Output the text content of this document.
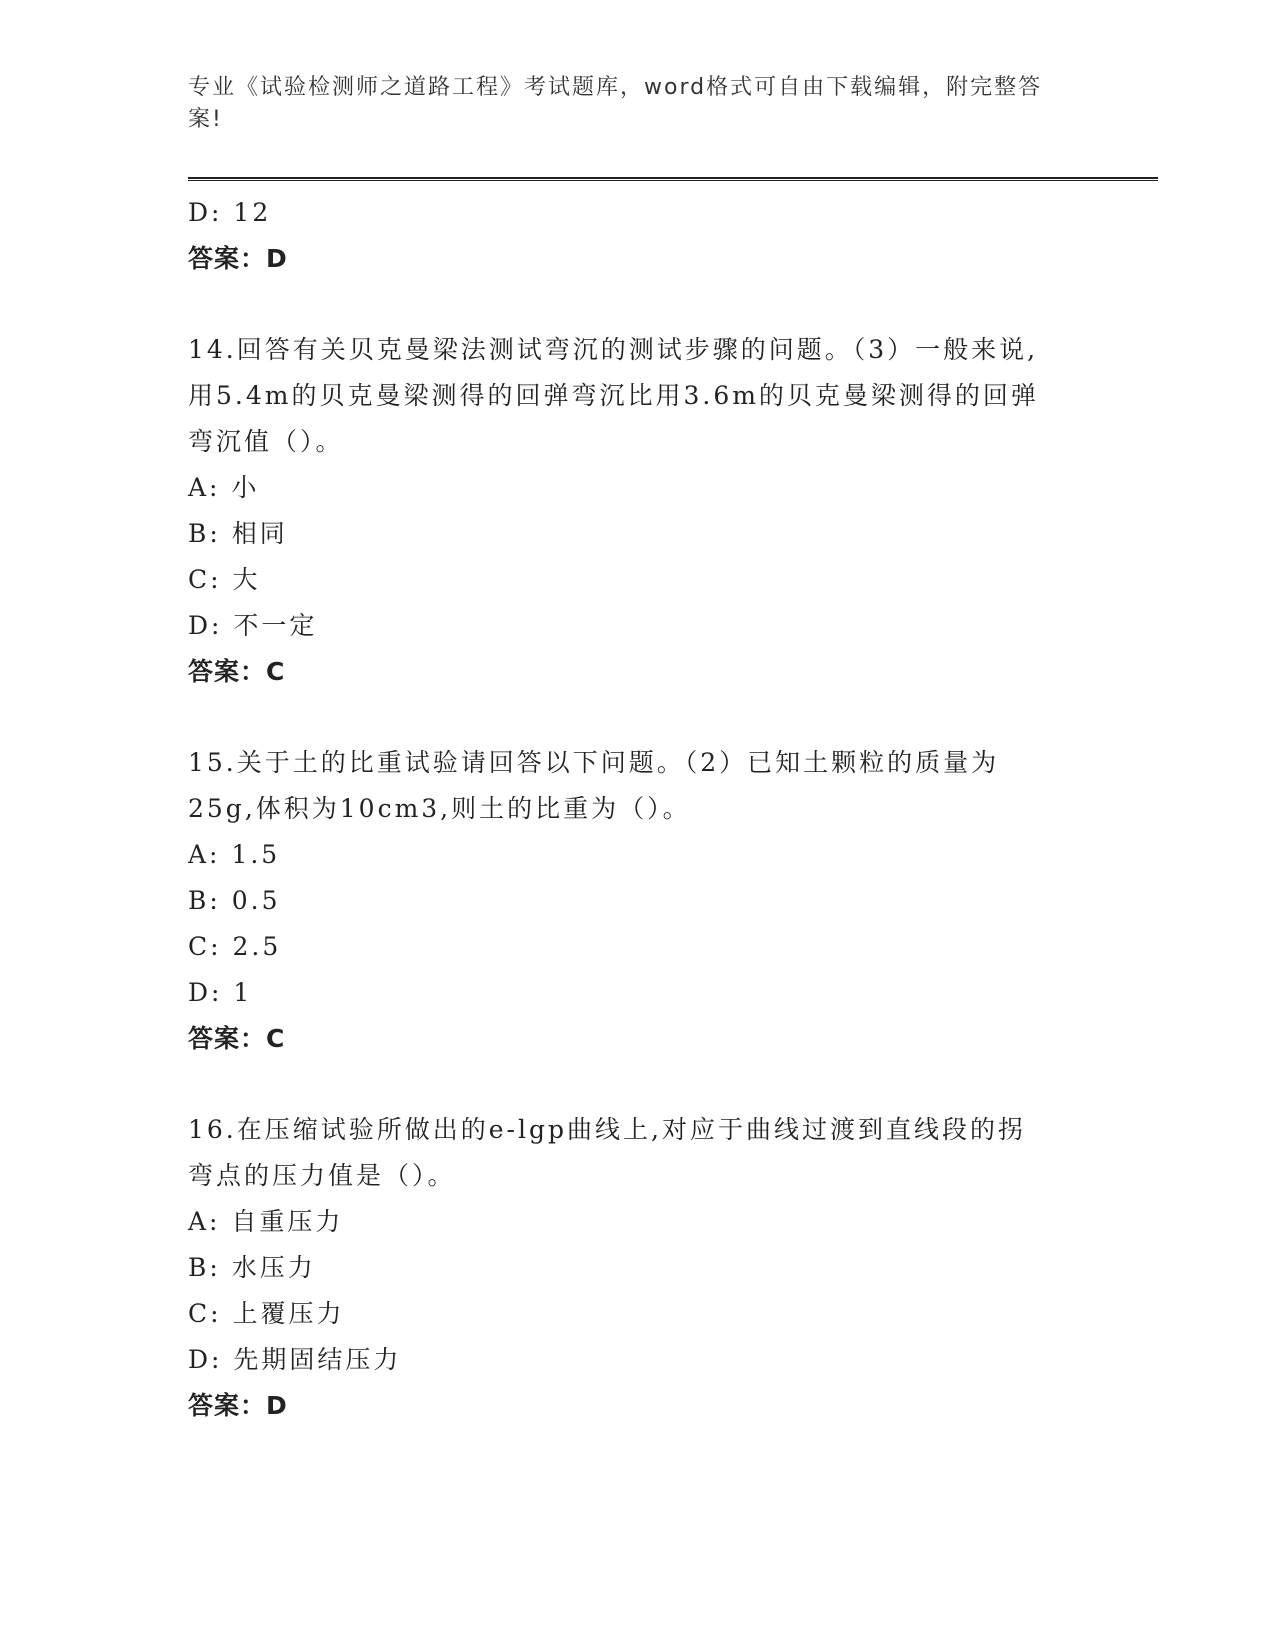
专业《试验检测师之道路工程》考试题库，word格式可自由下载编辑，附完整答
案!
D: 12
答案：D
14.回答有关贝克曼梁法测试弯沉的测试步骤的问题。（3）一般来说,
用5.4m的贝克曼梁测得的回弹弯沉比用3.6m的贝克曼梁测得的回弹
弯沉值（）。
A: 小
B: 相同
C: 大
D: 不一定
答案：C
15.关于土的比重试验请回答以下问题。（2）已知土颗粒的质量为
25g,体积为10cm3,则土的比重为（）。
A: 1.5
B: 0.5
C: 2.5
D: 1
答案：C
16.在压缩试验所做出的e-lgp曲线上,对应于曲线过渡到直线段的拐
弯点的压力值是（）。
A: 自重压力
B: 水压力
C: 上覆压力
D: 先期固结压力
答案：D
